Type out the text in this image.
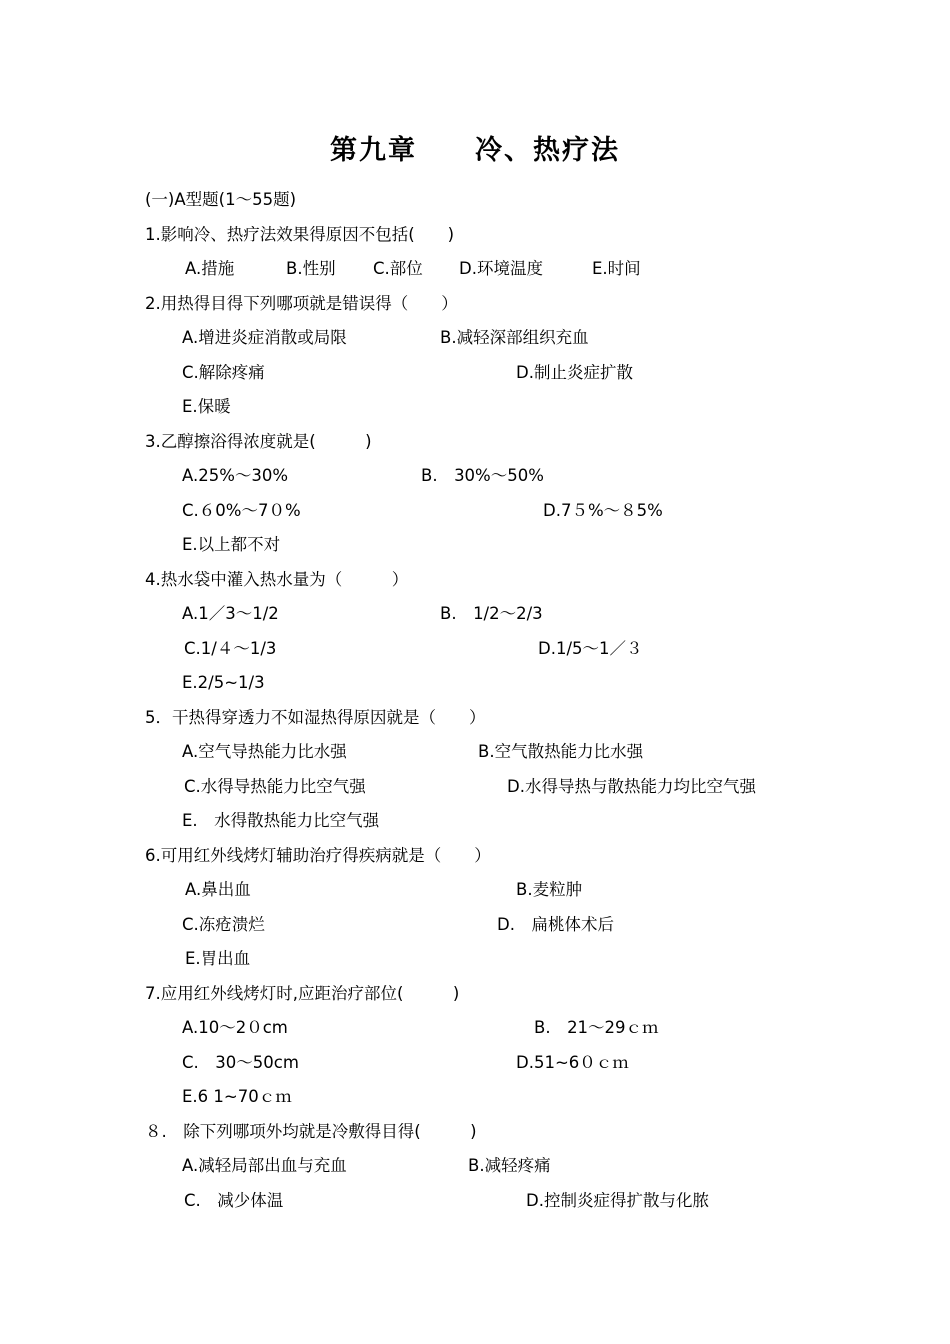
第九章　　冷、热疗法
(一)A型题(1～55题)
1.影响冷、热疗法效果得原因不包括(　　)
A.措施	B.性别 C.部位 D.环境温度	E.时间
2.用热得目得下列哪项就是错误得（　　）
A.增进炎症消散或局限	B.减轻深部组织充血
C.解除疼痛	D.制止炎症扩散
E.保暖
3.乙醇擦浴得浓度就是(　　　)
A.25%～30%	B.　30%～50%
C.６0%～7０%	D.7５%～８5%
E.以上都不对
4.热水袋中灌入热水量为（　　　）
A.1／3～1/2	B.　1/2～2/3
C.1/４～1/3	D.1/5～1／３
E.2/5~1/3
5．干热得穿透力不如湿热得原因就是（　　）
A.空气导热能力比水强	B.空气散热能力比水强
C.水得导热能力比空气强	D.水得导热与散热能力均比空气强
E.　水得散热能力比空气强
6.可用红外线烤灯辅助治疗得疾病就是（　　）
A.鼻出血	B.麦粒肿
C.冻疮溃烂	D.　扁桃体术后
E.胃出血
7.应用红外线烤灯时,应距治疗部位(　　　)
A.10～2０cm	B.　21～29ｃｍ
C.　30～50cm	D.51~6０ｃｍ
E.6 1~70ｃｍ
８.　除下列哪项外均就是冷敷得目得(　　　)
A.减轻局部出血与充血	B.减轻疼痛
C.　减少体温	D.控制炎症得扩散与化脓
